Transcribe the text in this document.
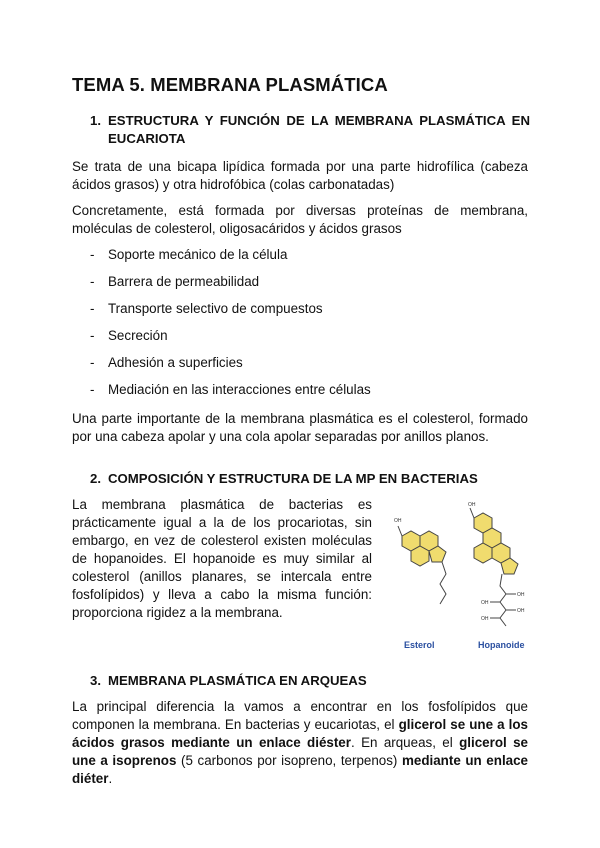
TEMA 5. MEMBRANA PLASMÁTICA
1. ESTRUCTURA Y FUNCIÓN DE LA MEMBRANA PLASMÁTICA EN EUCARIOTA
Se trata de una bicapa lipídica formada por una parte hidrofílica (cabeza ácidos grasos) y otra hidrofóbica (colas carbonatadas)
Concretamente, está formada por diversas proteínas de membrana, moléculas de colesterol, oligosacáridos y ácidos grasos
- Soporte mecánico de la célula
- Barrera de permeabilidad
- Transporte selectivo de compuestos
- Secreción
- Adhesión a superficies
- Mediación en las interacciones entre células
Una parte importante de la membrana plasmática es el colesterol, formado por una cabeza apolar y una cola apolar separadas por anillos planos.
2. COMPOSICIÓN Y ESTRUCTURA DE LA MP EN BACTERIAS
La membrana plasmática de bacterias es prácticamente igual a la de los procariotas, sin embargo, en vez de colesterol existen moléculas de hopanoides. El hopanoide es muy similar al colesterol (anillos planares, se intercala entre fosfolípidos) y lleva a cabo la misma función: proporciona rigidez a la membrana.
OH
OH
OH
OH
OH
OH
Esterol	Hopanoide
3. MEMBRANA PLASMÁTICA EN ARQUEAS
La principal diferencia la vamos a encontrar en los fosfolípidos que componen la membrana. En bacterias y eucariotas, el glicerol se une a los ácidos grasos mediante un enlace diéster. En arqueas, el glicerol se une a isoprenos (5 carbonos por isopreno, terpenos) mediante un enlace diéter.
